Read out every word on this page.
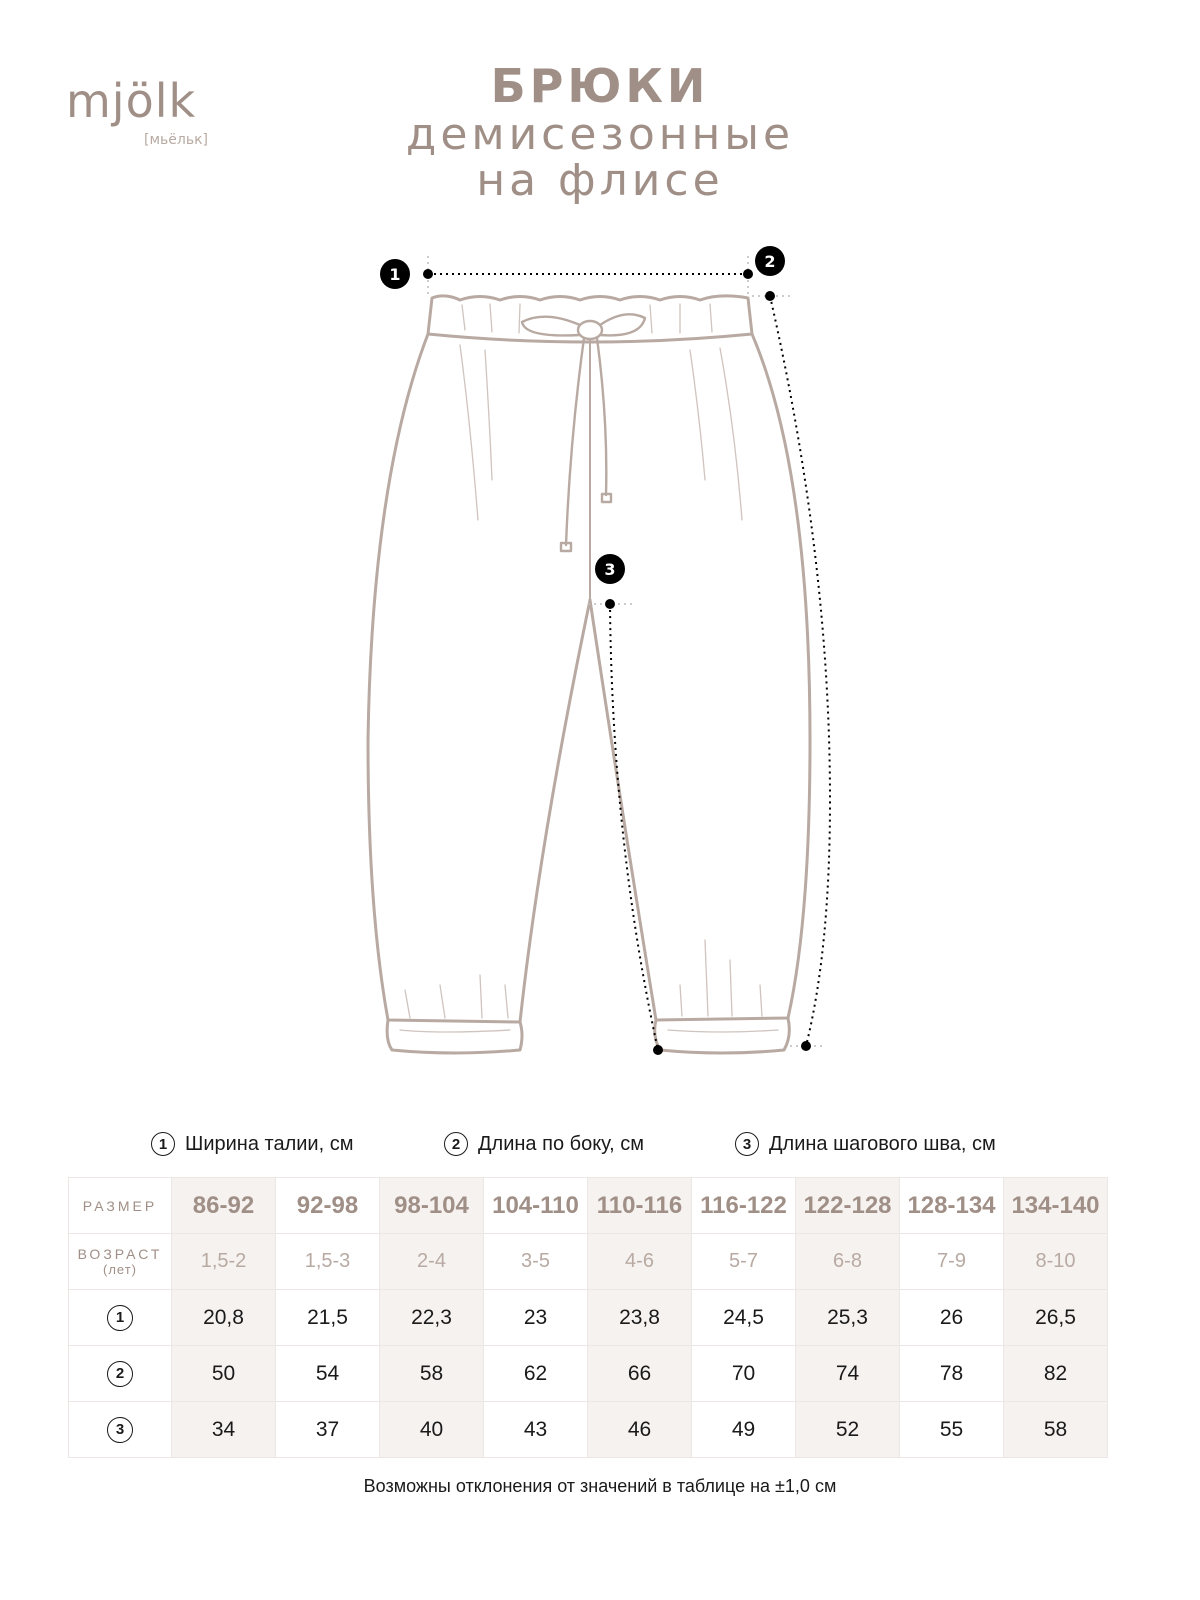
mjölk
[мьёльк]
БРЮКИ
демисезонные
на флисе
1
2
3
1 Ширина талии, см	2 Длина по боку, см	3 Длина шагового шва, см
РАЗМЕР	86-92	92-98	98-104	104-110	110-116	116-122	122-128	128-134	134-140
ВОЗРАСТ
(лет)	1,5-2	1,5-3	2-4	3-5	4-6	5-7	6-8	7-9	8-10
1	20,8	21,5	22,3	23	23,8	24,5	25,3	26	26,5
2	50	54	58	62	66	70	74	78	82
3	34	37	40	43	46	49	52	55	58
Возможны отклонения от значений в таблице на ±1,0 см
